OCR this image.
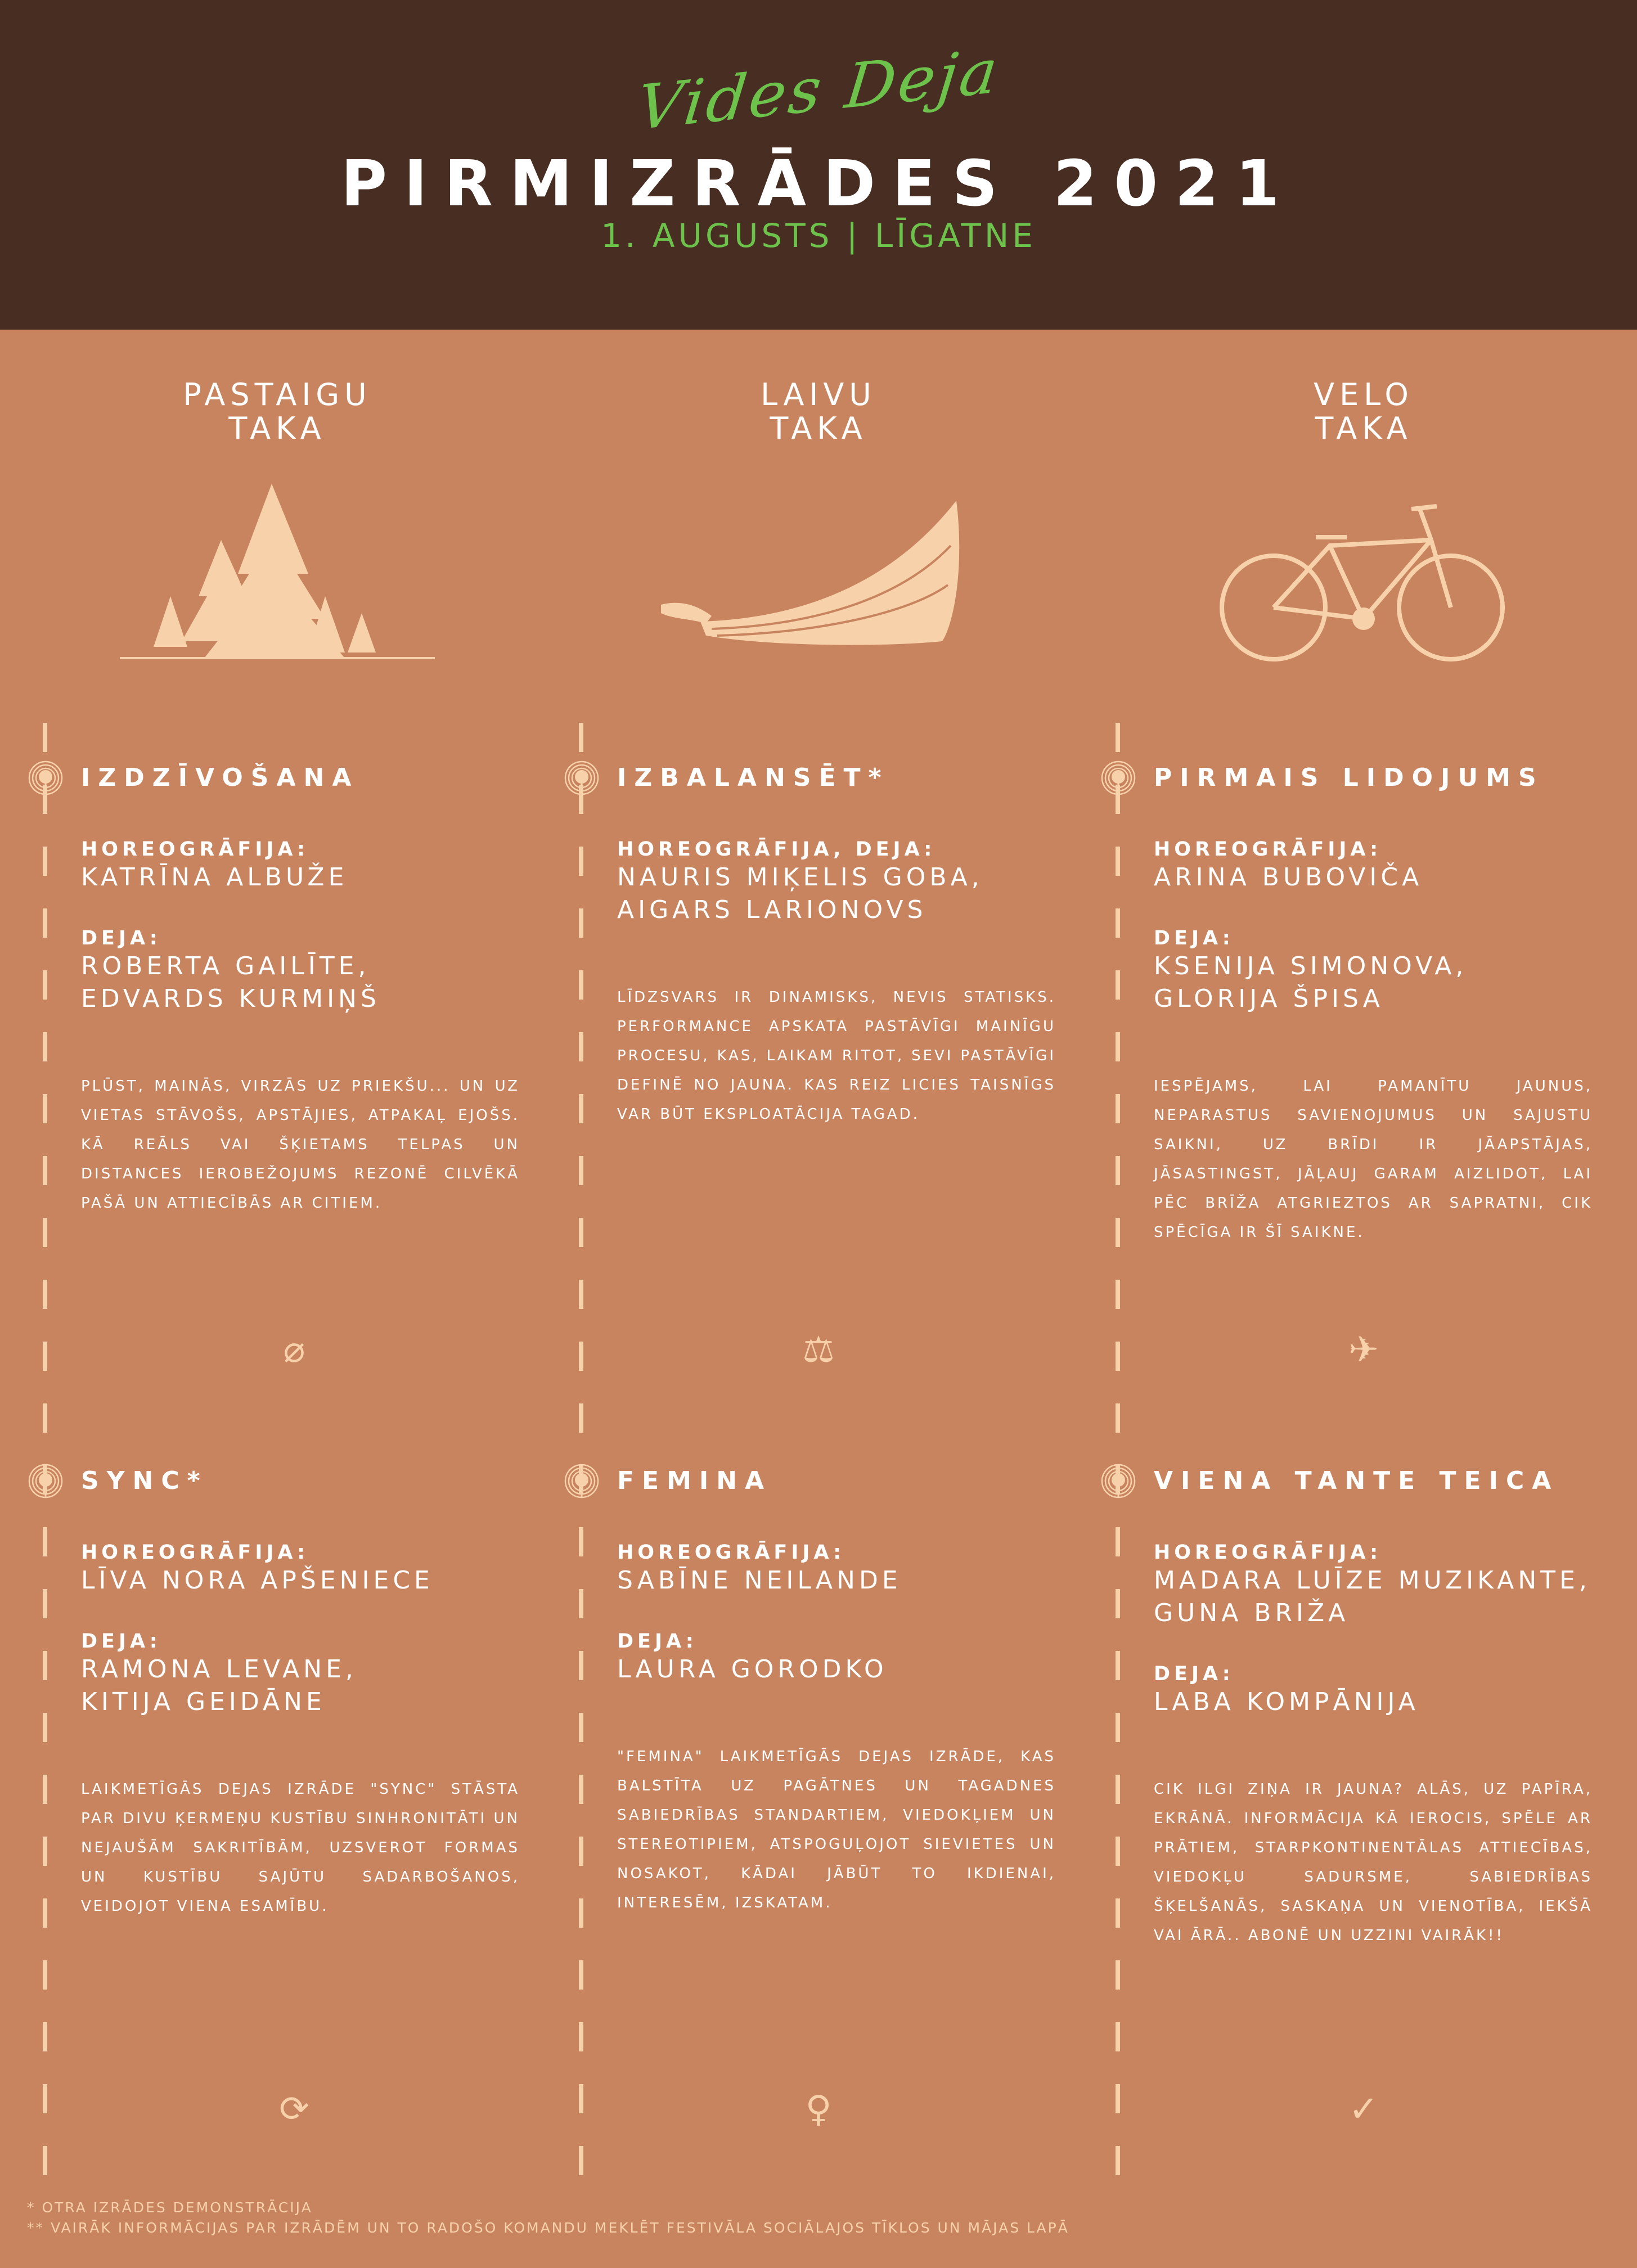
Vides Deja
PIRMIZRĀDES 2021
1. AUGUSTS | LĪGATNE
PASTAIGU
TAKA
IZDZĪVOŠANA
HOREOGRĀFIJA:
KATRĪNA ALBUŽE
DEJA:
ROBERTA GAILĪTE,
EDVARDS KURMIŅŠ
PLŪST, MAINĀS, VIRZĀS UZ PRIEKŠU... UN UZ VIETAS STĀVOŠS, APSTĀJIES, ATPAKAĻ EJOŠS. KĀ REĀLS VAI ŠĶIETAMS TELPAS UN DISTANCES IEROBEŽOJUMS REZONĒ CILVĒKĀ PAŠĀ UN ATTIECĪBĀS AR CITIEM.
⌀
SYNC*
HOREOGRĀFIJA:
LĪVA NORA APŠENIECE
DEJA:
RAMONA LEVANE,
KITIJA GEIDĀNE
LAIKMETĪGĀS DEJAS IZRĀDE "SYNC" STĀSTA PAR DIVU ĶERMEŅU KUSTĪBU SINHRONITĀTI UN NEJAUŠĀM SAKRITĪBĀM, UZSVEROT FORMAS UN KUSTĪBU SAJŪTU SADARBOŠANOS, VEIDOJOT VIENA ESAMĪBU.
⟳
LAIVU
TAKA
IZBALANSĒT*
HOREOGRĀFIJA, DEJA:
NAURIS MIĶELIS GOBA,
AIGARS LARIONOVS
LĪDZSVARS IR DINAMISKS, NEVIS STATISKS. PERFORMANCE APSKATA PASTĀVĪGI MAINĪGU PROCESU, KAS, LAIKAM RITOT, SEVI PASTĀVĪGI DEFINĒ NO JAUNA. KAS REIZ LICIES TAISNĪGS VAR BŪT EKSPLOATĀCIJA TAGAD.
⚖
FEMINA
HOREOGRĀFIJA:
SABĪNE NEILANDE
DEJA:
LAURA GORODKO
"FEMINA" LAIKMETĪGĀS DEJAS IZRĀDE, KAS BALSTĪTA UZ PAGĀTNES UN TAGADNES SABIEDRĪBAS STANDARTIEM, VIEDOKĻIEM UN STEREOTIPIEM, ATSPOGUĻOJOT SIEVIETES UN NOSAKOT, KĀDAI JĀBŪT TO IKDIENAI, INTERESĒM, IZSKATAM.
♀
VELO
TAKA
PIRMAIS LIDOJUMS
HOREOGRĀFIJA:
ARINA BUBOVIČA
DEJA:
KSENIJA SIMONOVA,
GLORIJA ŠPISA
IESPĒJAMS, LAI PAMANĪTU JAUNUS, NEPARASTUS SAVIENOJUMUS UN SAJUSTU SAIKNI, UZ BRĪDI IR JĀAPSTĀJAS, JĀSASTINGST, JĀĻAUJ GARAM AIZLIDOT, LAI PĒC BRĪŽA ATGRIEZTOS AR SAPRATNI, CIK SPĒCĪGA IR ŠĪ SAIKNE.
✈
VIENA TANTE TEICA
HOREOGRĀFIJA:
MADARA LUĪZE MUZIKANTE,
GUNA BRIŽA
DEJA:
LABA KOMPĀNIJA
CIK ILGI ZIŅA IR JAUNA? ALĀS, UZ PAPĪRA, EKRĀNĀ. INFORMĀCIJA KĀ IEROCIS, SPĒLE AR PRĀTIEM, STARPKONTINENTĀLAS ATTIECĪBAS, VIEDOKĻU SADURSME, SABIEDRĪBAS ŠĶELŠANĀS, SASKAŅA UN VIENOTĪBA, IEKŠĀ VAI ĀRĀ.. ABONĒ UN UZZINI VAIRĀK!!
✓
* OTRA IZRĀDES DEMONSTRĀCIJA
** VAIRĀK INFORMĀCIJAS PAR IZRĀDĒM UN TO RADOŠO KOMANDU MEKLĒT FESTIVĀLA SOCIĀLAJOS TĪKLOS UN MĀJAS LAPĀ
